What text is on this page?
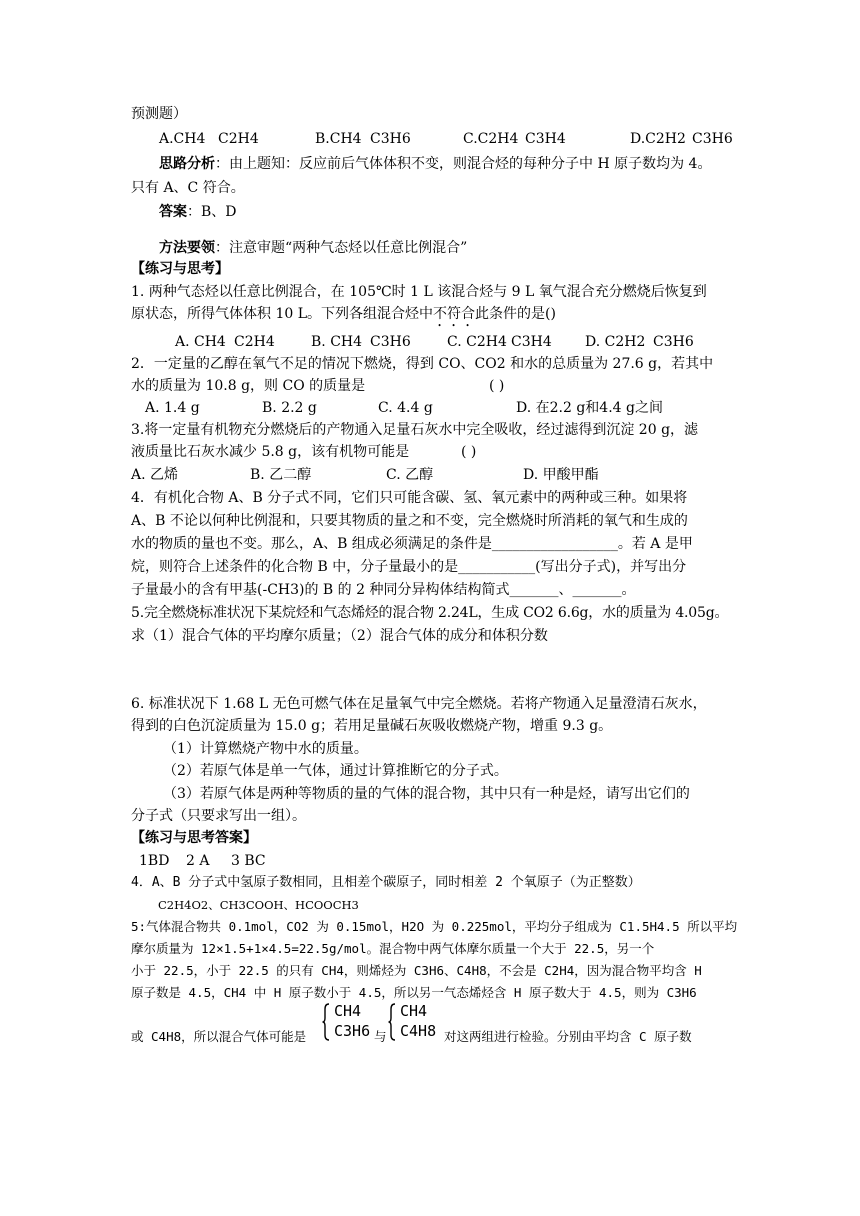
预测题）
A.CH4 C2H4	B.CH4 C3H6	C.C2H4 C3H4	D.C2H2 C3H6
思路分析：由上题知：反应前后气体体积不变，则混合烃的每种分子中 H 原子数均为 4。
只有 A、C 符合。
答案：B、D
方法要领：注意审题“两种气态烃以任意比例混合”
【练习与思考】
1. 两种气态烃以任意比例混合，在 105℃时 1 L 该混合烃与 9 L 氧气混合充分燃烧后恢复到
原状态，所得气体体积 10 L。下列各组混合烃中不符合此条件的是()
A. CH4 C2H4	B. CH4 C3H6	C. C2H4 C3H4 D. C2H2 C3H6
2．一定量的乙醇在氧气不足的情况下燃烧，得到 CO、CO2 和水的总质量为 27.6 g，若其中
水的质量为 10.8 g，则 CO 的质量是	( )
A. 1.4 g	B. 2.2 g	C. 4.4 g	D. 在2.2 g和4.4 g之间
3.将一定量有机物充分燃烧后的产物通入足量石灰水中完全吸收，经过滤得到沉淀 20 g，滤
液质量比石灰水减少 5.8 g，该有机物可能是	( )
A. 乙烯	B. 乙二醇	C. 乙醇	D. 甲酸甲酯
4．有机化合物 A、B 分子式不同，它们只可能含碳、氢、氧元素中的两种或三种。如果将
A、B 不论以何种比例混和，只要其物质的量之和不变，完全燃烧时所消耗的氧气和生成的
水的物质的量也不变。那么，A、B 组成必须满足的条件是__________________。若 A 是甲
烷，则符合上述条件的化合物 B 中，分子量最小的是___________(写出分子式)，并写出分
子量最小的含有甲基(-CH3)的 B 的 2 种同分异构体结构简式_______、_______。
5.完全燃烧标准状况下某烷烃和气态烯烃的混合物 2.24L，生成 CO2 6.6g，水的质量为 4.05g。
求（1）混合气体的平均摩尔质量；（2）混合气体的成分和体积分数
6. 标准状况下 1.68 L 无色可燃气体在足量氧气中完全燃烧。若将产物通入足量澄清石灰水，
得到的白色沉淀质量为 15.0 g；若用足量碱石灰吸收燃烧产物，增重 9.3 g。
（1）计算燃烧产物中水的质量。
（2）若原气体是单一气体，通过计算推断它的分子式。
（3）若原气体是两种等物质的量的气体的混合物，其中只有一种是烃，请写出它们的
分子式（只要求写出一组）。
【练习与思考答案】
1BD 2 A 3 BC
4．A、B 分子式中氢原子数相同，且相差个碳原子，同时相差 2 个氧原子（为正整数）
C2H4O2、CH3COOH、HCOOCH3
5:气体混合物共 0.1mol，CO2 为 0.15mol，H2O 为 0.225mol，平均分子组成为 C1.5H4.5 所以平均
摩尔质量为 12×1.5+1×4.5=22.5g/mol。混合物中两气体摩尔质量一个大于 22.5，另一个
小于 22.5，小于 22.5 的只有 CH4，则烯烃为 C3H6、C4H8，不会是 C2H4，因为混合物平均含 H
原子数是 4.5，CH4 中 H 原子数小于 4.5，所以另一气态烯烃含 H 原子数大于 4.5，则为 C3H6
CH4
C3H6
CH4
C4H8
或 C4H8，所以混合气体可能是	与	对这两组进行检验。分别由平均含 C 原子数
